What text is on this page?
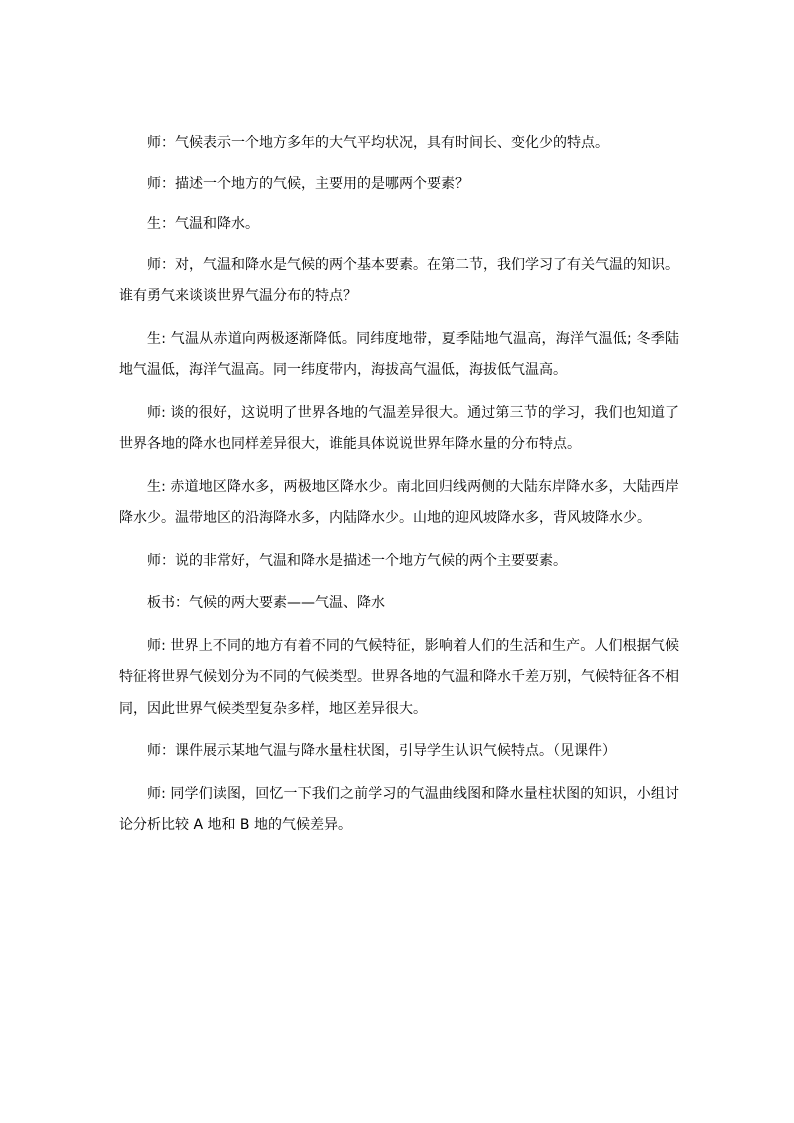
师：气候表示一个地方多年的大气平均状况，具有时间长、变化少的特点。

师：描述一个地方的气候，主要用的是哪两个要素？

生：气温和降水。

师：对，气温和降水是气候的两个基本要素。在第二节，我们学习了有关气温的知识。谁有勇气来谈谈世界气温分布的特点？

生: 气温从赤道向两极逐渐降低。同纬度地带，夏季陆地气温高，海洋气温低; 冬季陆地气温低，海洋气温高。同一纬度带内，海拔高气温低，海拔低气温高。

师: 谈的很好，这说明了世界各地的气温差异很大。通过第三节的学习，我们也知道了世界各地的降水也同样差异很大，谁能具体说说世界年降水量的分布特点。

生: 赤道地区降水多，两极地区降水少。南北回归线两侧的大陆东岸降水多，大陆西岸降水少。温带地区的沿海降水多，内陆降水少。山地的迎风坡降水多，背风坡降水少。

师：说的非常好，气温和降水是描述一个地方气候的两个主要要素。

板书：气候的两大要素——气温、降水

师: 世界上不同的地方有着不同的气候特征，影响着人们的生活和生产。人们根据气候特征将世界气候划分为不同的气候类型。世界各地的气温和降水千差万别，气候特征各不相同，因此世界气候类型复杂多样，地区差异很大。

师：课件展示某地气温与降水量柱状图，引导学生认识气候特点。（见课件）

师: 同学们读图，回忆一下我们之前学习的气温曲线图和降水量柱状图的知识，小组讨论分析比较 A 地和 B 地的气候差异。
